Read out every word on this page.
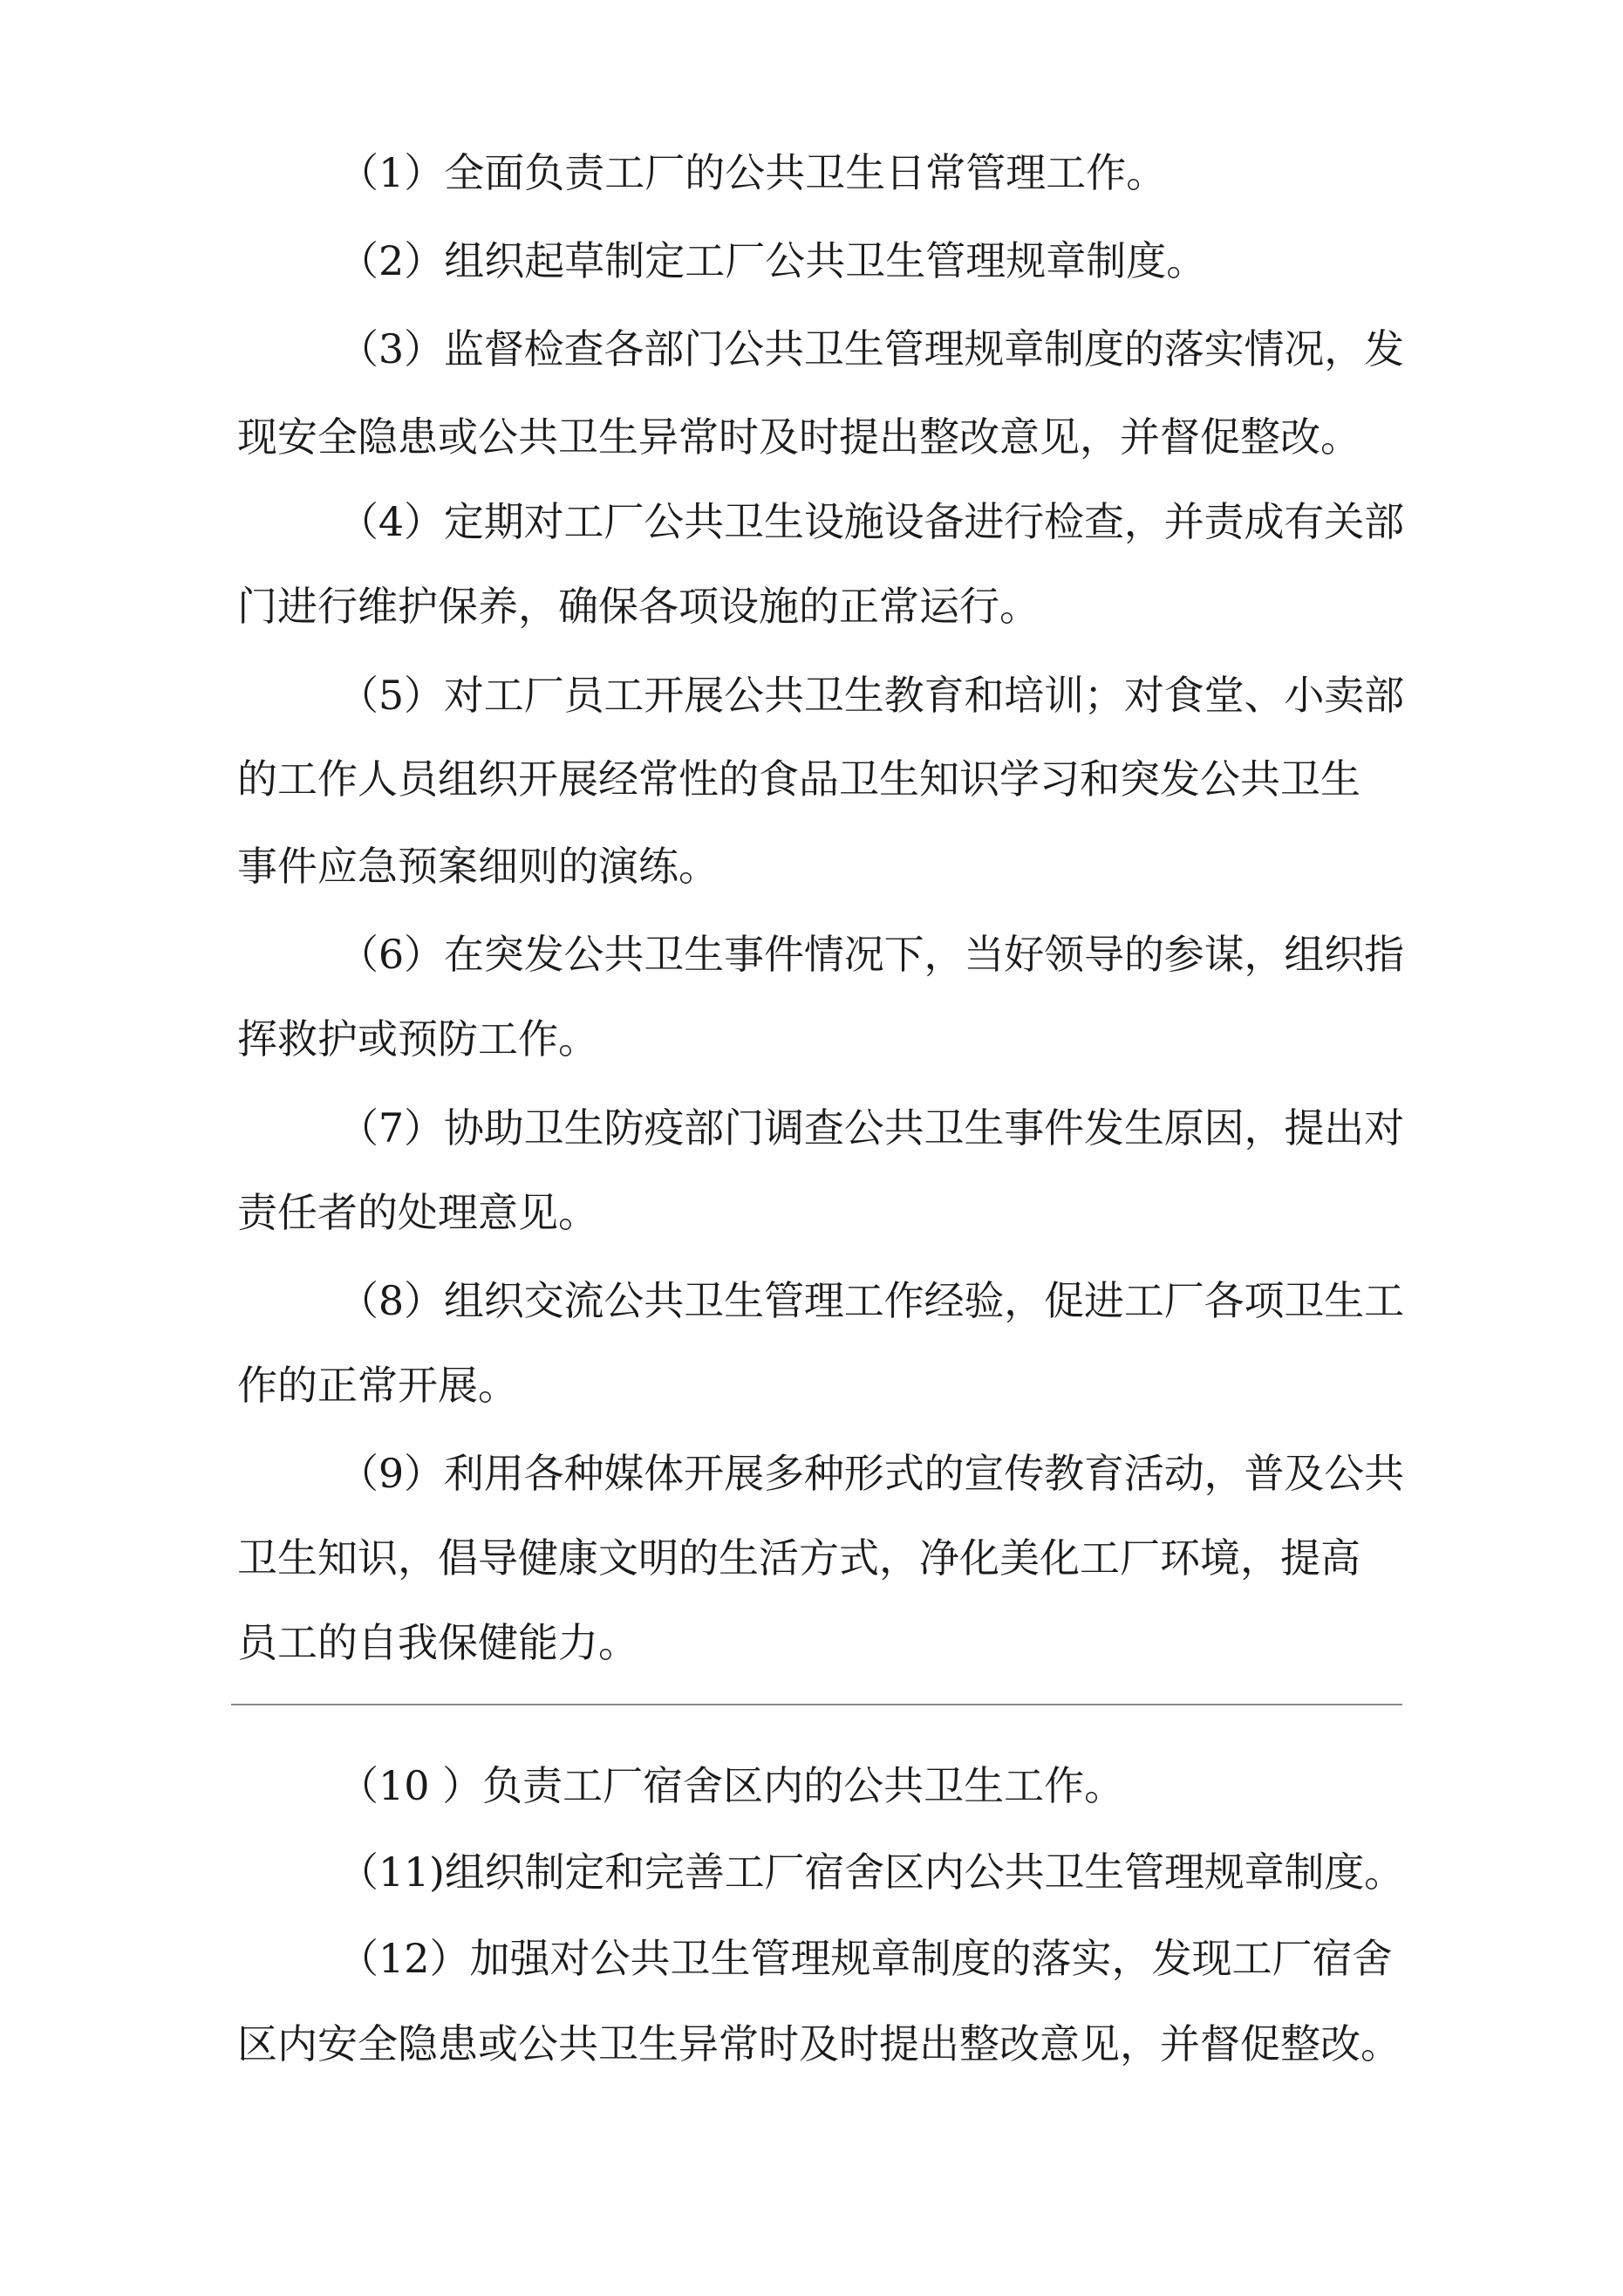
（1）全面负责工厂的公共卫生日常管理工作。
（2）组织起草制定工厂公共卫生管理规章制度。
（3）监督检查各部门公共卫生管理规章制度的落实情况，发
现安全隐患或公共卫生异常时及时提出整改意见，并督促整改。
（4）定期对工厂公共卫生设施设备进行检查，并责成有关部
门进行维护保养，确保各项设施的正常运行。
（5）对工厂员工开展公共卫生教育和培训；对食堂、小卖部
的工作人员组织开展经常性的食品卫生知识学习和突发公共卫生
事件应急预案细则的演练。
（6）在突发公共卫生事件情况下，当好领导的参谋，组织指
挥救护或预防工作。
（7）协助卫生防疫部门调查公共卫生事件发生原因，提出对
责任者的处理意见。
（8）组织交流公共卫生管理工作经验，促进工厂各项卫生工
作的正常开展。
（9）利用各种媒体开展多种形式的宣传教育活动，普及公共
卫生知识，倡导健康文明的生活方式，净化美化工厂环境，提高
员工的自我保健能力。
（10 ）负责工厂宿舍区内的公共卫生工作。
（11)组织制定和完善工厂宿舍区内公共卫生管理规章制度。
（12）加强对公共卫生管理规章制度的落实，发现工厂宿舍
区内安全隐患或公共卫生异常时及时提出整改意见，并督促整改。
